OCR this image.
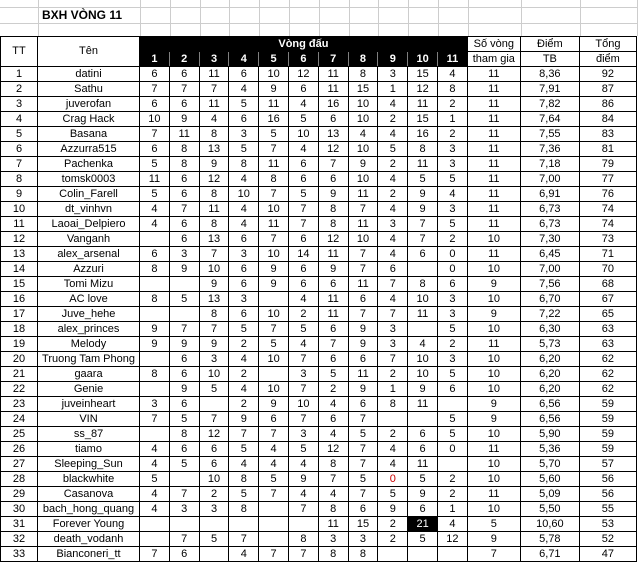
BXH VÒNG 11
TT	Tên	Vòng đấu											Số vòng	Điểm	Tổng
		1	2	3	4	5	6	7	8	9	10	11	tham gia	TB	điểm
1	datini	6	6	11	6	10	12	11	8	3	15	4	11	8,36	92
2	Sathu	7	7	7	4	9	6	11	15	1	12	8	11	7,91	87
3	juverofan	6	6	11	5	11	4	16	10	4	11	2	11	7,82	86
4	Crag Hack	10	9	4	6	16	5	6	10	2	15	1	11	7,64	84
5	Basana	7	11	8	3	5	10	13	4	4	16	2	11	7,55	83
6	Azzurra515	6	8	13	5	7	4	12	10	5	8	3	11	7,36	81
7	Pachenka	5	8	9	8	11	6	7	9	2	11	3	11	7,18	79
8	tomsk0003	11	6	12	4	8	6	6	10	4	5	5	11	7,00	77
9	Colin_Farell	5	6	8	10	7	5	9	11	2	9	4	11	6,91	76
10	dt_vinhvn	4	7	11	4	10	7	8	7	4	9	3	11	6,73	74
11	Laoai_Delpiero	4	6	8	4	11	7	8	11	3	7	5	11	6,73	74
12	Vanganh		6	13	6	7	6	12	10	4	7	2	10	7,30	73
13	alex_arsenal	6	3	7	3	10	14	11	7	4	6	0	11	6,45	71
14	Azzuri	8	9	10	6	9	6	9	7	6		0	10	7,00	70
15	Tomi Mizu			9	6	9	6	6	11	7	8	6	9	7,56	68
16	AC love	8	5	13	3		4	11	6	4	10	3	10	6,70	67
17	Juve_hehe			8	6	10	2	11	7	7	11	3	9	7,22	65
18	alex_princes	9	7	7	5	7	5	6	9	3		5	10	6,30	63
19	Melody	9	9	9	2	5	4	7	9	3	4	2	11	5,73	63
20	Truong Tam Phong		6	3	4	10	7	6	6	7	10	3	10	6,20	62
21	gaara	8	6	10	2		3	5	11	2	10	5	10	6,20	62
22	Genie		9	5	4	10	7	2	9	1	9	6	10	6,20	62
23	juveinheart	3	6		2	9	10	4	6	8	11		9	6,56	59
24	VIN	7	5	7	9	6	7	6	7			5	9	6,56	59
25	ss_87		8	12	7	7	3	4	5	2	6	5	10	5,90	59
26	tiamo	4	6	6	5	4	5	12	7	4	6	0	11	5,36	59
27	Sleeping_Sun	4	5	6	4	4	4	8	7	4	11		10	5,70	57
28	blackwhite	5		10	8	5	9	7	5	0	5	2	10	5,60	56
29	Casanova	4	7	2	5	7	4	4	7	5	9	2	11	5,09	56
30	bach_hong_quang	4	3	3	8		7	8	6	9	6	1	10	5,50	55
31	Forever Young							11	15	2	21	4	5	10,60	53
32	death_vodanh		7	5	7		8	3	3	2	5	12	9	5,78	52
33	Bianconeri_tt	7	6		4	7	7	8	8				7	6,71	47
